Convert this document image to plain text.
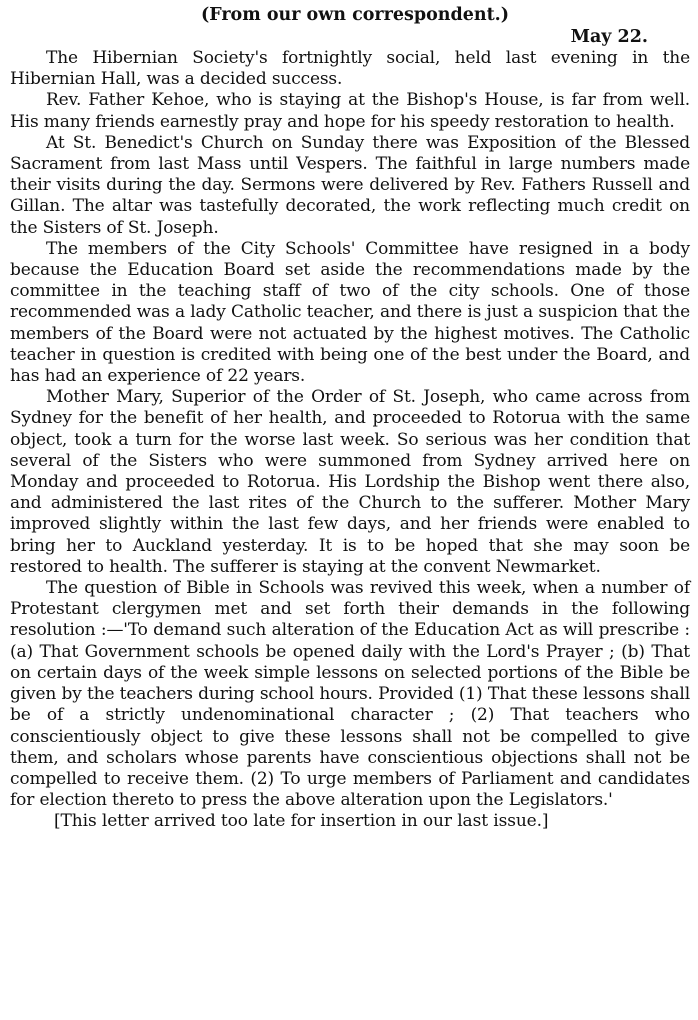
(From our own correspondent.)
May 22.

The Hibernian Society's fortnightly social, held last evening in the Hibernian Hall, was a decided success.

Rev. Father Kehoe, who is staying at the Bishop's House, is far from well. His many friends earnestly pray and hope for his speedy restoration to health.

At St. Benedict's Church on Sunday there was Exposition of the Blessed Sacrament from last Mass until Vespers. The faithful in large numbers made their visits during the day. Sermons were delivered by Rev. Fathers Russell and Gillan. The altar was tastefully decorated, the work reflecting much credit on the Sisters of St. Joseph.

The members of the City Schools' Committee have resigned in a body because the Education Board set aside the recommendations made by the committee in the teaching staff of two of the city schools. One of those recommended was a lady Catholic teacher, and there is just a suspicion that the members of the Board were not actuated by the highest motives. The Catholic teacher in question is credited with being one of the best under the Board, and has had an experience of 22 years.

Mother Mary, Superior of the Order of St. Joseph, who came across from Sydney for the benefit of her health, and proceeded to Rotorua with the same object, took a turn for the worse last week. So serious was her condition that several of the Sisters who were summoned from Sydney arrived here on Monday and proceeded to Rotorua. His Lordship the Bishop went there also, and administered the last rites of the Church to the sufferer. Mother Mary improved slightly within the last few days, and her friends were enabled to bring her to Auckland yesterday. It is to be hoped that she may soon be restored to health. The sufferer is staying at the convent Newmarket.

The question of Bible in Schools was revived this week, when a number of Protestant clergymen met and set forth their demands in the following resolution :—'To demand such alteration of the Education Act as will prescribe : (a) That Government schools be opened daily with the Lord's Prayer ; (b) That on certain days of the week simple lessons on selected portions of the Bible be given by the teachers during school hours. Provided (1) That these lessons shall be of a strictly undenominational character ; (2) That teachers who conscientiously object to give these lessons shall not be compelled to give them, and scholars whose parents have conscientious objections shall not be compelled to receive them. (2) To urge members of Parliament and candidates for election thereto to press the above alteration upon the Legislators.'

[This letter arrived too late for insertion in our last issue.]
